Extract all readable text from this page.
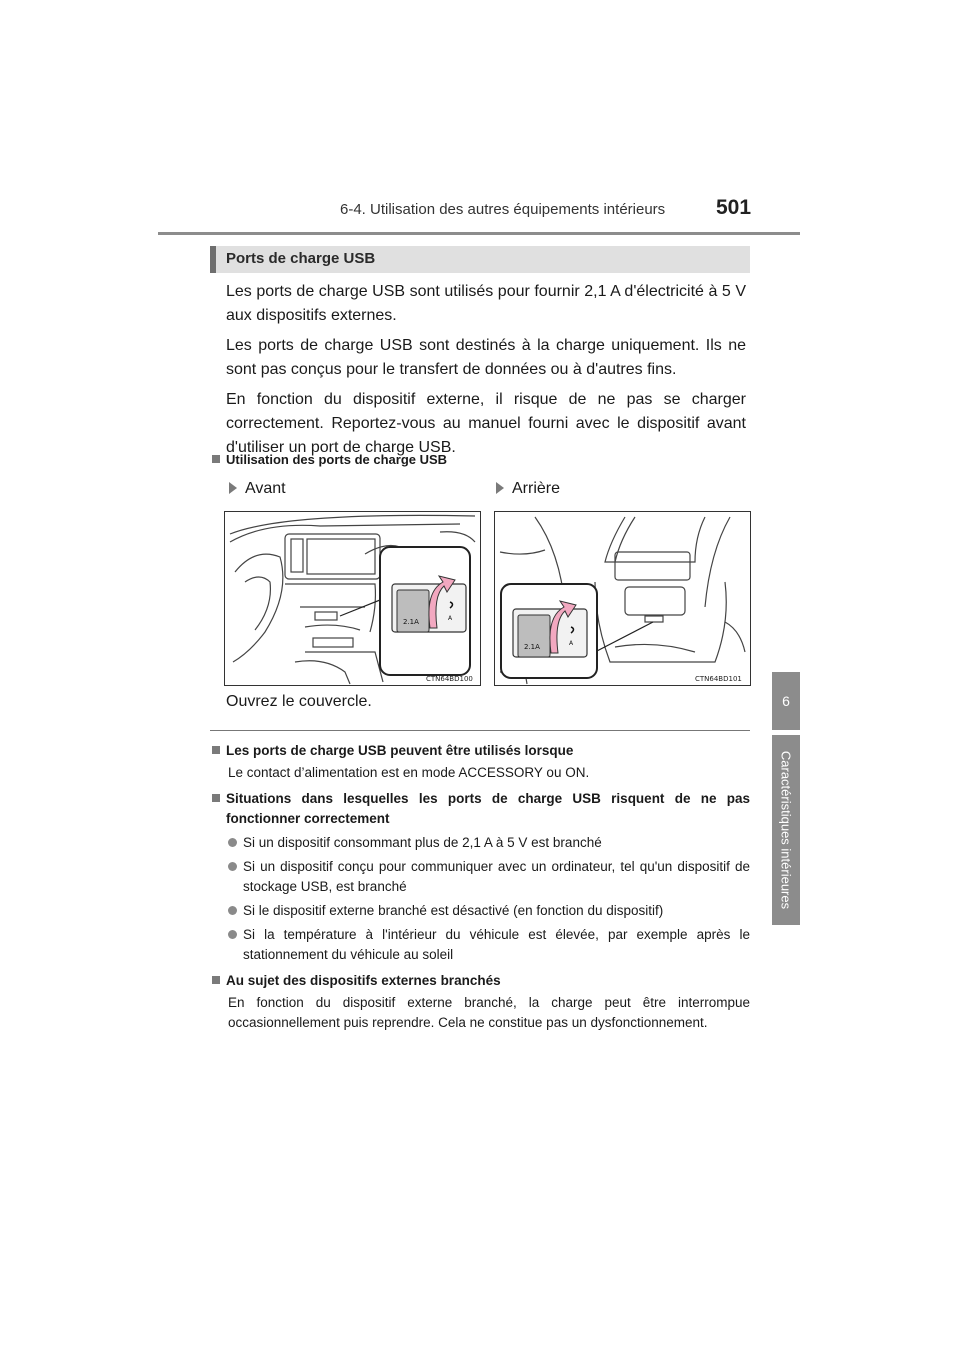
6-4. Utilisation des autres équipements intérieurs 501
6
Caractéristiques intérieures
Ports de charge USB

Les ports de charge USB sont utilisés pour fournir 2,1 A d'électricité à 5 V aux dispositifs externes.

Les ports de charge USB sont destinés à la charge uniquement. Ils ne sont pas conçus pour le transfert de données ou à d'autres fins.

En fonction du dispositif externe, il risque de ne pas se charger correctement. Reportez-vous au manuel fourni avec le dispositif avant d'utiliser un port de charge USB.

Utilisation des ports de charge USB
Avant	Arrière
2.1A	A
CTN64BD100
2.1A	A
CTN64BD101
Ouvrez le couvercle.
Les ports de charge USB peuvent être utilisés lorsque
Le contact d’alimentation est en mode ACCESSORY ou ON.
Situations dans lesquelles les ports de charge USB risquent de ne pas fonctionner correctement
Si un dispositif consommant plus de 2,1 A à 5 V est branché
Si un dispositif conçu pour communiquer avec un ordinateur, tel qu'un dispositif de stockage USB, est branché
Si le dispositif externe branché est désactivé (en fonction du dispositif)
Si la température à l'intérieur du véhicule est élevée, par exemple après le stationnement du véhicule au soleil
Au sujet des dispositifs externes branchés
En fonction du dispositif externe branché, la charge peut être interrompue occasionnellement puis reprendre. Cela ne constitue pas un dysfonctionnement.
